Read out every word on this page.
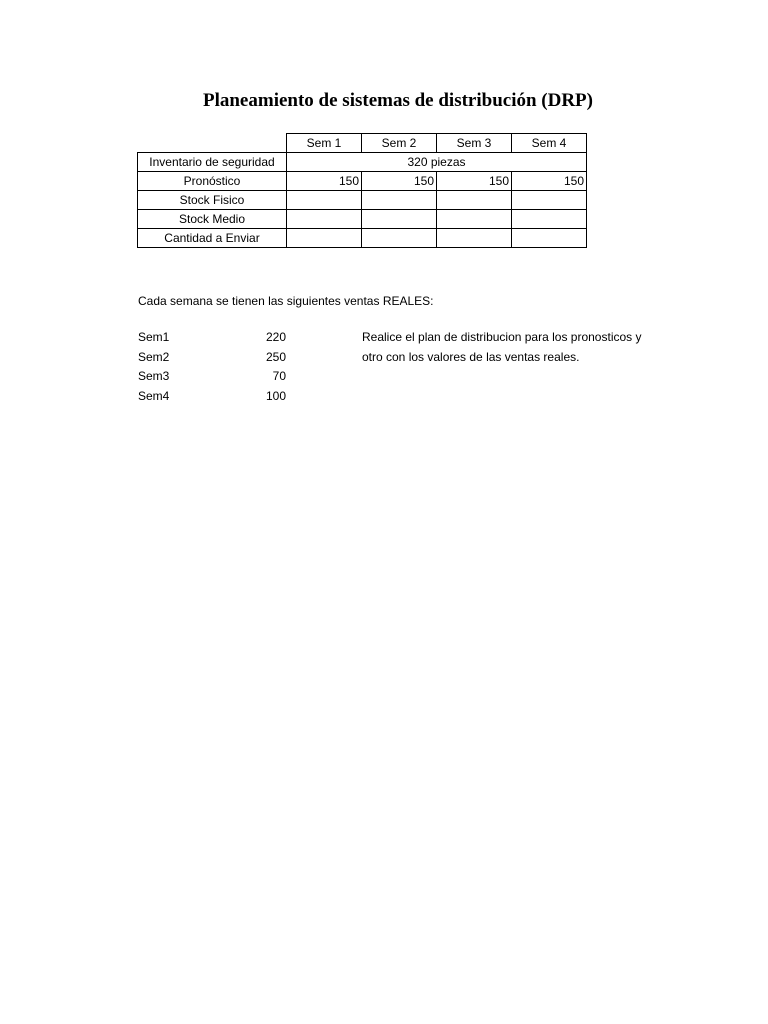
Planeamiento de sistemas de distribución (DRP)
	Sem 1	Sem 2	Sem 3	Sem 4
Inventario de seguridad	320 piezas			
Pronóstico	150	150	150	150
Stock Fisico				
Stock Medio				
Cantidad a Enviar				
Cada semana se tienen las siguientes ventas REALES:
Sem1	220
Sem2	250
Sem3	70
Sem4	100
Realice el plan de distribucion para los pronosticos y
otro con los valores de las ventas reales.
